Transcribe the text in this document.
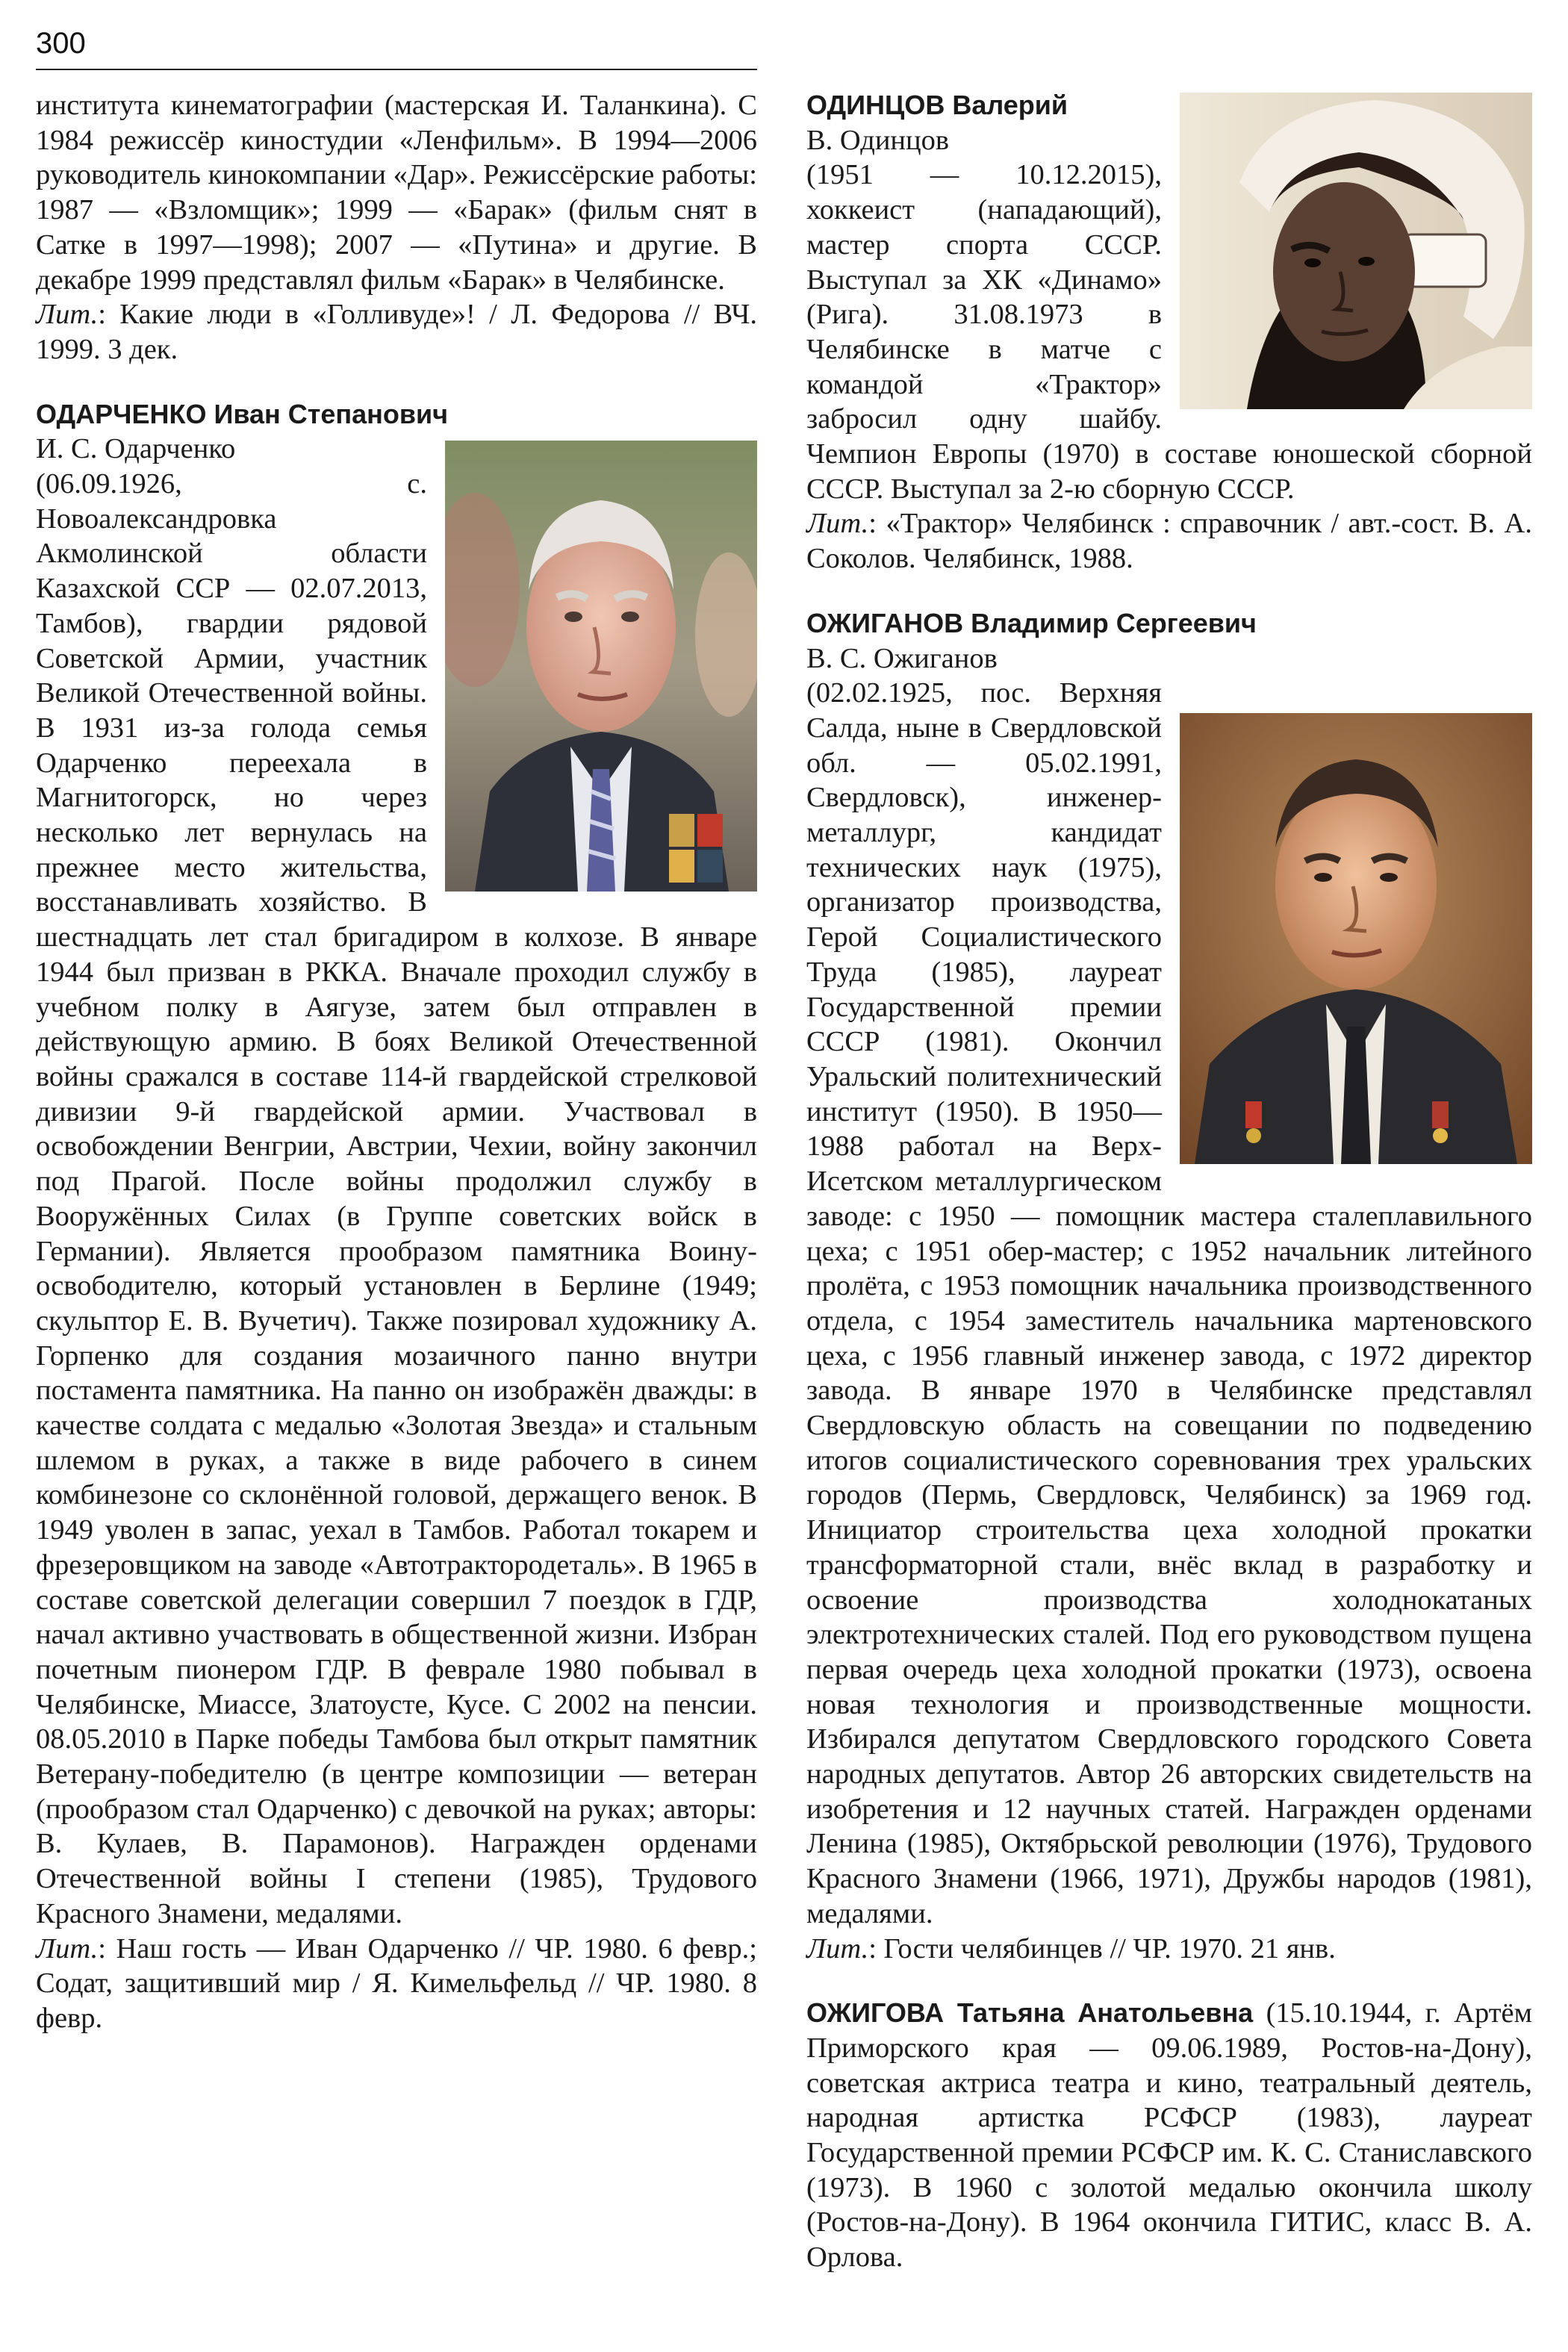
300

института кинематографии (мастерская И. Таланкина). С 1984 режиссёр киностудии «Ленфильм». В 1994—2006 руководитель кинокомпании «Дар». Режиссёрские работы: 1987 — «Взломщик»; 1999 — «Барак» (фильм снят в Сатке в 1997—1998); 2007 — «Путина» и другие. В декабре 1999 представлял фильм «Барак» в Челябинске.

Лит.: Какие люди в «Голливуде»! / Л. Федорова // ВЧ. 1999. 3 дек.

ОДАРЧЕНКО Иван Степанович

И. С. Одарченко
(06.09.1926, с. Новоалександровка Акмолинской области Казахской ССР — 02.07.2013, Тамбов), гвардии рядовой Советской Армии, участник Великой Отечественной войны. В 1931 из-за голода семья Одарченко переехала в Магнитогорск, но через несколько лет вернулась на прежнее место жительства, восстанавливать хозяйство. В шестнадцать лет стал бригадиром в колхозе. В январе 1944 был призван в РККА. Вначале проходил службу в учебном полку в Аягузе, затем был отправлен в действующую армию. В боях Великой Отечественной войны сражался в составе 114-й гвардейской стрелковой дивизии 9-й гвардейской армии. Участвовал в освобождении Венгрии, Австрии, Чехии, войну закончил под Прагой. После войны продолжил службу в Вооружённых Силах (в Группе советских войск в Германии). Является прообразом памятника Воину-освободителю, который установлен в Берлине (1949; скульптор Е. В. Вучетич). Также позировал художнику А. Горпенко для создания мозаичного панно внутри постамента памятника. На панно он изображён дважды: в качестве солдата с медалью «Золотая Звезда» и стальным шлемом в руках, а также в виде рабочего в синем комбинезоне со склонённой головой, держащего венок. В 1949 уволен в запас, уехал в Тамбов. Работал токарем и фрезеровщиком на заводе «Автотрактородеталь». В 1965 в составе советской делегации совершил 7 поездок в ГДР, начал активно участвовать в общественной жизни. Избран почетным пионером ГДР. В феврале 1980 побывал в Челябинске, Миассе, Златоусте, Кусе. С 2002 на пенсии. 08.05.2010 в Парке победы Тамбова был открыт памятник Ветерану-победителю (в центре композиции — ветеран (прообразом стал Одарченко) с девочкой на руках; авторы: В. Кулаев, В. Парамонов). Награжден орденами Отечественной войны I степени (1985), Трудового Красного Знамени, медалями.

Лит.: Наш гость — Иван Одарченко // ЧР. 1980. 6 февр.; Содат, защитивший мир / Я. Кимельфельд // ЧР. 1980. 8 февр.

ОДИНЦОВ Валерий

В. Одинцов
(1951 — 10.12.2015), хоккеист (нападающий), мастер спорта СССР. Выступал за ХК «Динамо» (Рига). 31.08.1973 в Челябинске в матче с командой «Трактор» забросил одну шайбу. Чемпион Европы (1970) в составе юношеской сборной СССР. Выступал за 2-ю сборную СССР.

Лит.: «Трактор» Челябинск : справочник / авт.-сост. В. А. Соколов. Челябинск, 1988.

ОЖИГАНОВ Владимир Сергеевич

В. С. Ожиганов
(02.02.1925, пос. Верхняя Салда, ныне в Свердловской обл. — 05.02.1991, Свердловск), инженер-металлург, кандидат технических наук (1975), организатор производства, Герой Социалистического Труда (1985), лауреат Государственной премии СССР (1981). Окончил Уральский политехнический институт (1950). В 1950—1988 работал на Верх-Исетском металлургическом заводе: с 1950 — помощник мастера сталеплавильного цеха; с 1951 обер-мастер; с 1952 начальник литейного пролёта, с 1953 помощник начальника производственного отдела, с 1954 заместитель начальника мартеновского цеха, с 1956 главный инженер завода, с 1972 директор завода. В январе 1970 в Челябинске представлял Свердловскую область на совещании по подведению итогов социалистического соревнования трех уральских городов (Пермь, Свердловск, Челябинск) за 1969 год. Инициатор строительства цеха холодной прокатки трансформаторной стали, внёс вклад в разработку и освоение производства холоднокатаных электротехнических сталей. Под его руководством пущена первая очередь цеха холодной прокатки (1973), освоена новая технология и производственные мощности. Избирался депутатом Свердловского городского Совета народных депутатов. Автор 26 авторских свидетельств на изобретения и 12 научных статей. Награжден орденами Ленина (1985), Октябрьской революции (1976), Трудового Красного Знамени (1966, 1971), Дружбы народов (1981), медалями.

Лит.: Гости челябинцев // ЧР. 1970. 21 янв.

ОЖИГОВА Татьяна Анатольевна (15.10.1944, г. Артём Приморского края — 09.06.1989, Ростов-на-Дону), советская актриса театра и кино, театральный деятель, народная артистка РСФСР (1983), лауреат Государственной премии РСФСР им. К. С. Станиславского (1973). В 1960 с золотой медалью окончила школу (Ростов-на-Дону). В 1964 окончила ГИТИС, класс В. А. Орлова.
